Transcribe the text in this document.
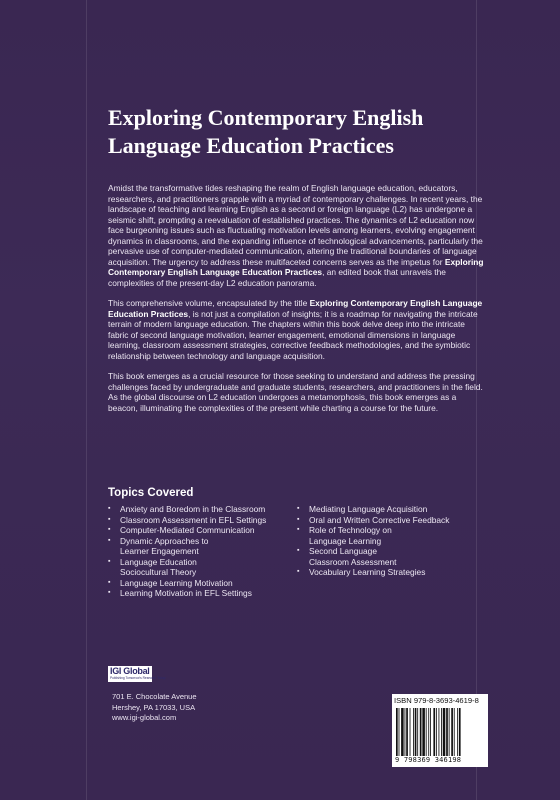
Exploring Contemporary English
Language Education Practices

Amidst the transformative tides reshaping the realm of English language education, educators, researchers, and practitioners grapple with a myriad of contemporary challenges. In recent years, the landscape of teaching and learning English as a second or foreign language (L2) has undergone a seismic shift, prompting a reevaluation of established practices. The dynamics of L2 education now face burgeoning issues such as fluctuating motivation levels among learners, evolving engagement dynamics in classrooms, and the expanding influence of technological advancements, particularly the pervasive use of computer-mediated communication, altering the traditional boundaries of language acquisition. The urgency to address these multifaceted concerns serves as the impetus for Exploring Contemporary English Language Education Practices, an edited book that unravels the complexities of the present-day L2 education panorama.

This comprehensive volume, encapsulated by the title Exploring Contemporary English Language Education Practices, is not just a compilation of insights; it is a roadmap for navigating the intricate terrain of modern language education. The chapters within this book delve deep into the intricate fabric of second language motivation, learner engagement, emotional dimensions in language learning, classroom assessment strategies, corrective feedback methodologies, and the symbiotic relationship between technology and language acquisition.

This book emerges as a crucial resource for those seeking to understand and address the pressing challenges faced by undergraduate and graduate students, researchers, and practitioners in the field. As the global discourse on L2 education undergoes a metamorphosis, this book emerges as a beacon, illuminating the complexities of the present while charting a course for the future.

Topics Covered
▪ Anxiety and Boredom in the Classroom
▪ Classroom Assessment in EFL Settings
▪ Computer-Mediated Communication
▪ Dynamic Approaches to
Learner Engagement
▪ Language Education
Sociocultural Theory
▪ Language Learning Motivation
▪ Learning Motivation in EFL Settings
▪ Mediating Language Acquisition
▪ Oral and Written Corrective Feedback
▪ Role of Technology on
Language Learning
▪ Second Language
Classroom Assessment
▪ Vocabulary Learning Strategies
IGI Global
Publishing Tomorrow's Research Today
701 E. Chocolate Avenue
Hershey, PA 17033, USA
www.igi-global.com
ISBN 979-8-3693-4619-8
9 798369 346198
